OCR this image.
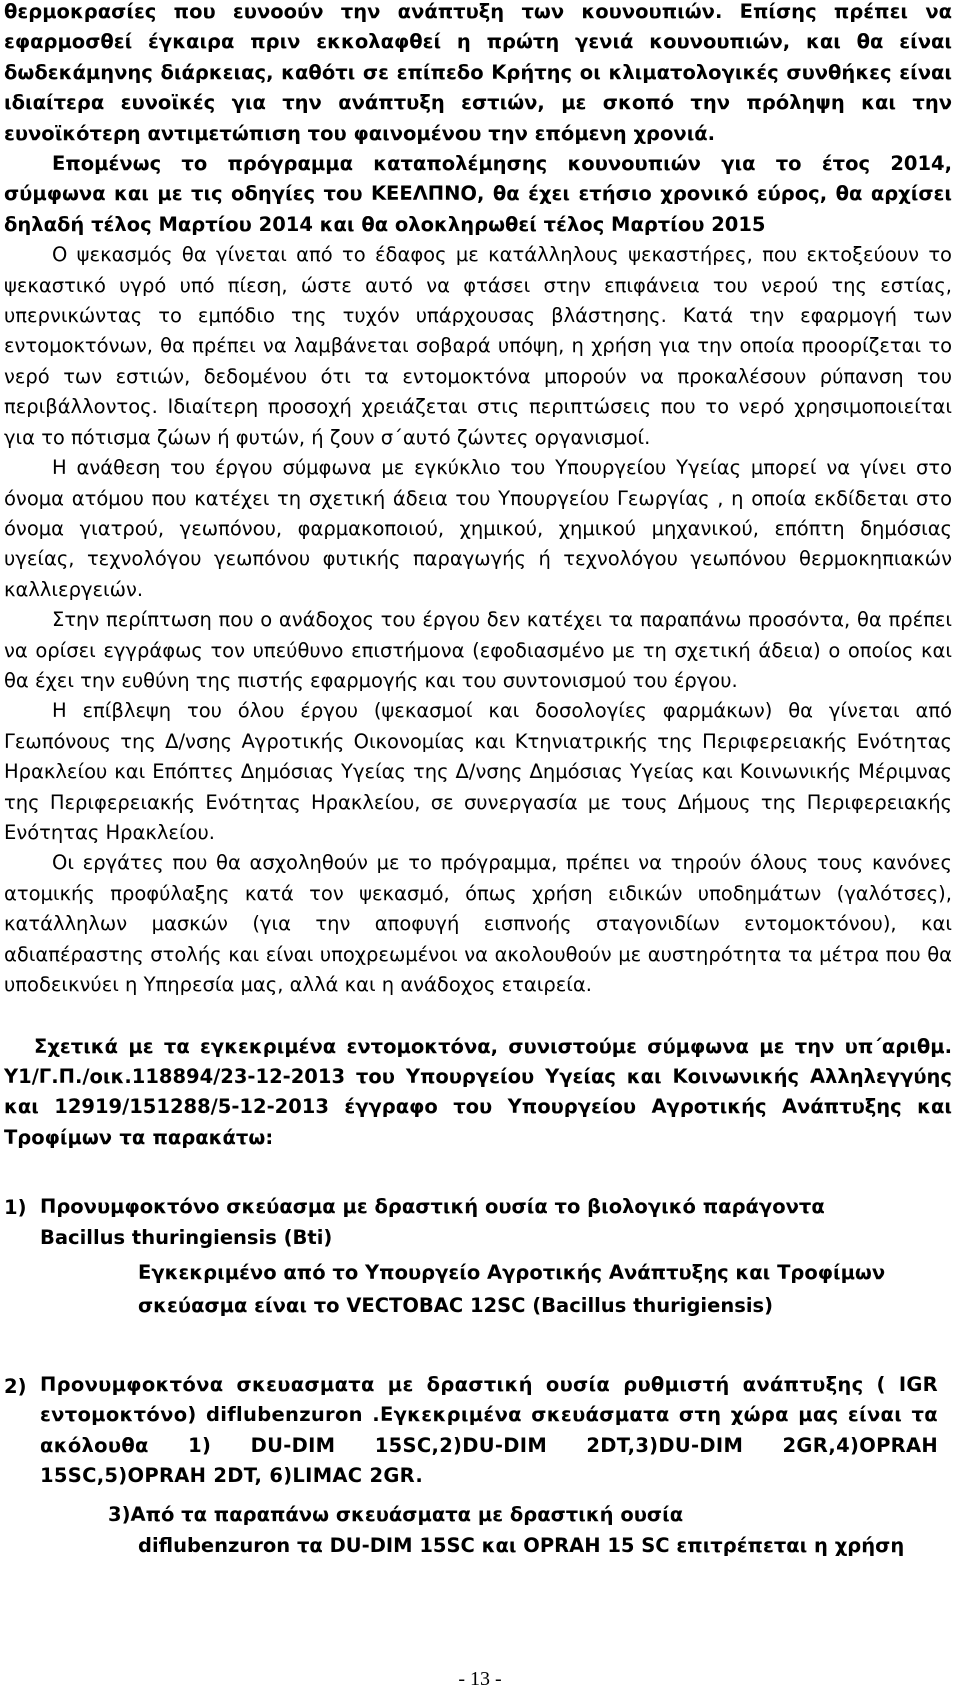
θερμοκρασίες που ευνοούν την ανάπτυξη των κουνουπιών. Επίσης πρέπει να εφαρμοσθεί έγκαιρα πριν εκκολαφθεί η πρώτη γενιά κουνουπιών, και θα είναι δωδεκάμηνης διάρκειας, καθότι σε επίπεδο Κρήτης οι κλιματολογικές συνθήκες είναι ιδιαίτερα ευνοϊκές για την ανάπτυξη εστιών, με σκοπό την πρόληψη και την ευνοϊκότερη αντιμετώπιση του φαινομένου την επόμενη χρονιά.

Επομένως το πρόγραμμα καταπολέμησης κουνουπιών για το έτος 2014, σύμφωνα και με τις οδηγίες του ΚΕΕΛΠΝΟ, θα έχει ετήσιο χρονικό εύρος, θα αρχίσει δηλαδή τέλος Μαρτίου 2014 και θα ολοκληρωθεί τέλος Μαρτίου 2015

Ο ψεκασμός θα γίνεται από το έδαφος με κατάλληλους ψεκαστήρες, που εκτοξεύουν το ψεκαστικό υγρό υπό πίεση, ώστε αυτό να φτάσει στην επιφάνεια του νερού της εστίας, υπερνικώντας το εμπόδιο της τυχόν υπάρχουσας βλάστησης. Κατά την εφαρμογή των εντομοκτόνων, θα πρέπει να λαμβάνεται σοβαρά υπόψη, η χρήση για την οποία προορίζεται το νερό των εστιών, δεδομένου ότι τα εντομοκτόνα μπορούν να προκαλέσουν ρύπανση του περιβάλλοντος. Ιδιαίτερη προσοχή χρειάζεται στις περιπτώσεις που το νερό χρησιμοποιείται για το πότισμα ζώων ή φυτών, ή ζουν σ΄αυτό ζώντες οργανισμοί.

Η ανάθεση του έργου σύμφωνα με εγκύκλιο του Υπουργείου Υγείας μπορεί να γίνει στο όνομα ατόμου που κατέχει τη σχετική άδεια του Υπουργείου Γεωργίας , η οποία εκδίδεται στο όνομα γιατρού, γεωπόνου, φαρμακοποιού, χημικού, χημικού μηχανικού, επόπτη δημόσιας υγείας, τεχνολόγου γεωπόνου φυτικής παραγωγής ή τεχνολόγου γεωπόνου θερμοκηπιακών καλλιεργειών.

Στην περίπτωση που ο ανάδοχος του έργου δεν κατέχει τα παραπάνω προσόντα, θα πρέπει να ορίσει εγγράφως τον υπεύθυνο επιστήμονα (εφοδιασμένο με τη σχετική άδεια) ο οποίος και θα έχει την ευθύνη της πιστής εφαρμογής και του συντονισμού του έργου.

Η επίβλεψη του όλου έργου (ψεκασμοί και δοσολογίες φαρμάκων) θα γίνεται από Γεωπόνους της Δ/νσης Αγροτικής Οικονομίας και Κτηνιατρικής της Περιφερειακής Ενότητας Ηρακλείου και Επόπτες Δημόσιας Υγείας της Δ/νσης Δημόσιας Υγείας και Κοινωνικής Μέριμνας της Περιφερειακής Ενότητας Ηρακλείου, σε συνεργασία με τους Δήμους της Περιφερειακής Ενότητας Ηρακλείου.

Οι εργάτες που θα ασχοληθούν με το πρόγραμμα, πρέπει να τηρούν όλους τους κανόνες ατομικής προφύλαξης κατά τον ψεκασμό, όπως χρήση ειδικών υποδημάτων (γαλότσες), κατάλληλων μασκών (για την αποφυγή εισπνοής σταγονιδίων εντομοκτόνου), και αδιαπέραστης στολής και είναι υποχρεωμένοι να ακολουθούν με αυστηρότητα τα μέτρα που θα υποδεικνύει η Υπηρεσία μας, αλλά και η ανάδοχος εταιρεία.

Σχετικά με τα εγκεκριμένα εντομοκτόνα, συνιστούμε σύμφωνα με την υπ΄αριθμ. Υ1/Γ.Π./οικ.118894/23-12-2013 του Υπουργείου Υγείας και Κοινωνικής Αλληλεγγύης και 12919/151288/5-12-2013 έγγραφο του Υπουργείου Αγροτικής Ανάπτυξης και Τροφίμων τα παρακάτω:

1) Προνυμφοκτόνο σκεύασμα με δραστική ουσία το βιολογικό παράγοντα

Bacillus thuringiensis (Bti)

Εγκεκριμένο από το Υπουργείο Αγροτικής Ανάπτυξης και Τροφίμων

σκεύασμα είναι το VECTOBAC 12SC (Bacillus thurigiensis)

2) Προνυμφοκτόνα σκευασματα με δραστική ουσία ρυθμιστή ανάπτυξης ( IGR εντομοκτόνο) diflubenzuron .Εγκεκριμένα σκευάσματα στη χώρα μας είναι τα ακόλουθα 1) DU-DIM 15SC,2)DU-DIM 2DT,3)DU-DIM 2GR,4)OPRAH 15SC,5)OPRAH 2DT, 6)LIMAC 2GR.

3)Από τα παραπάνω σκευάσματα με δραστική ουσία

diflubenzuron τα DU-DIM 15SC και OPRAH 15 SC επιτρέπεται η χρήση

- 13 -
